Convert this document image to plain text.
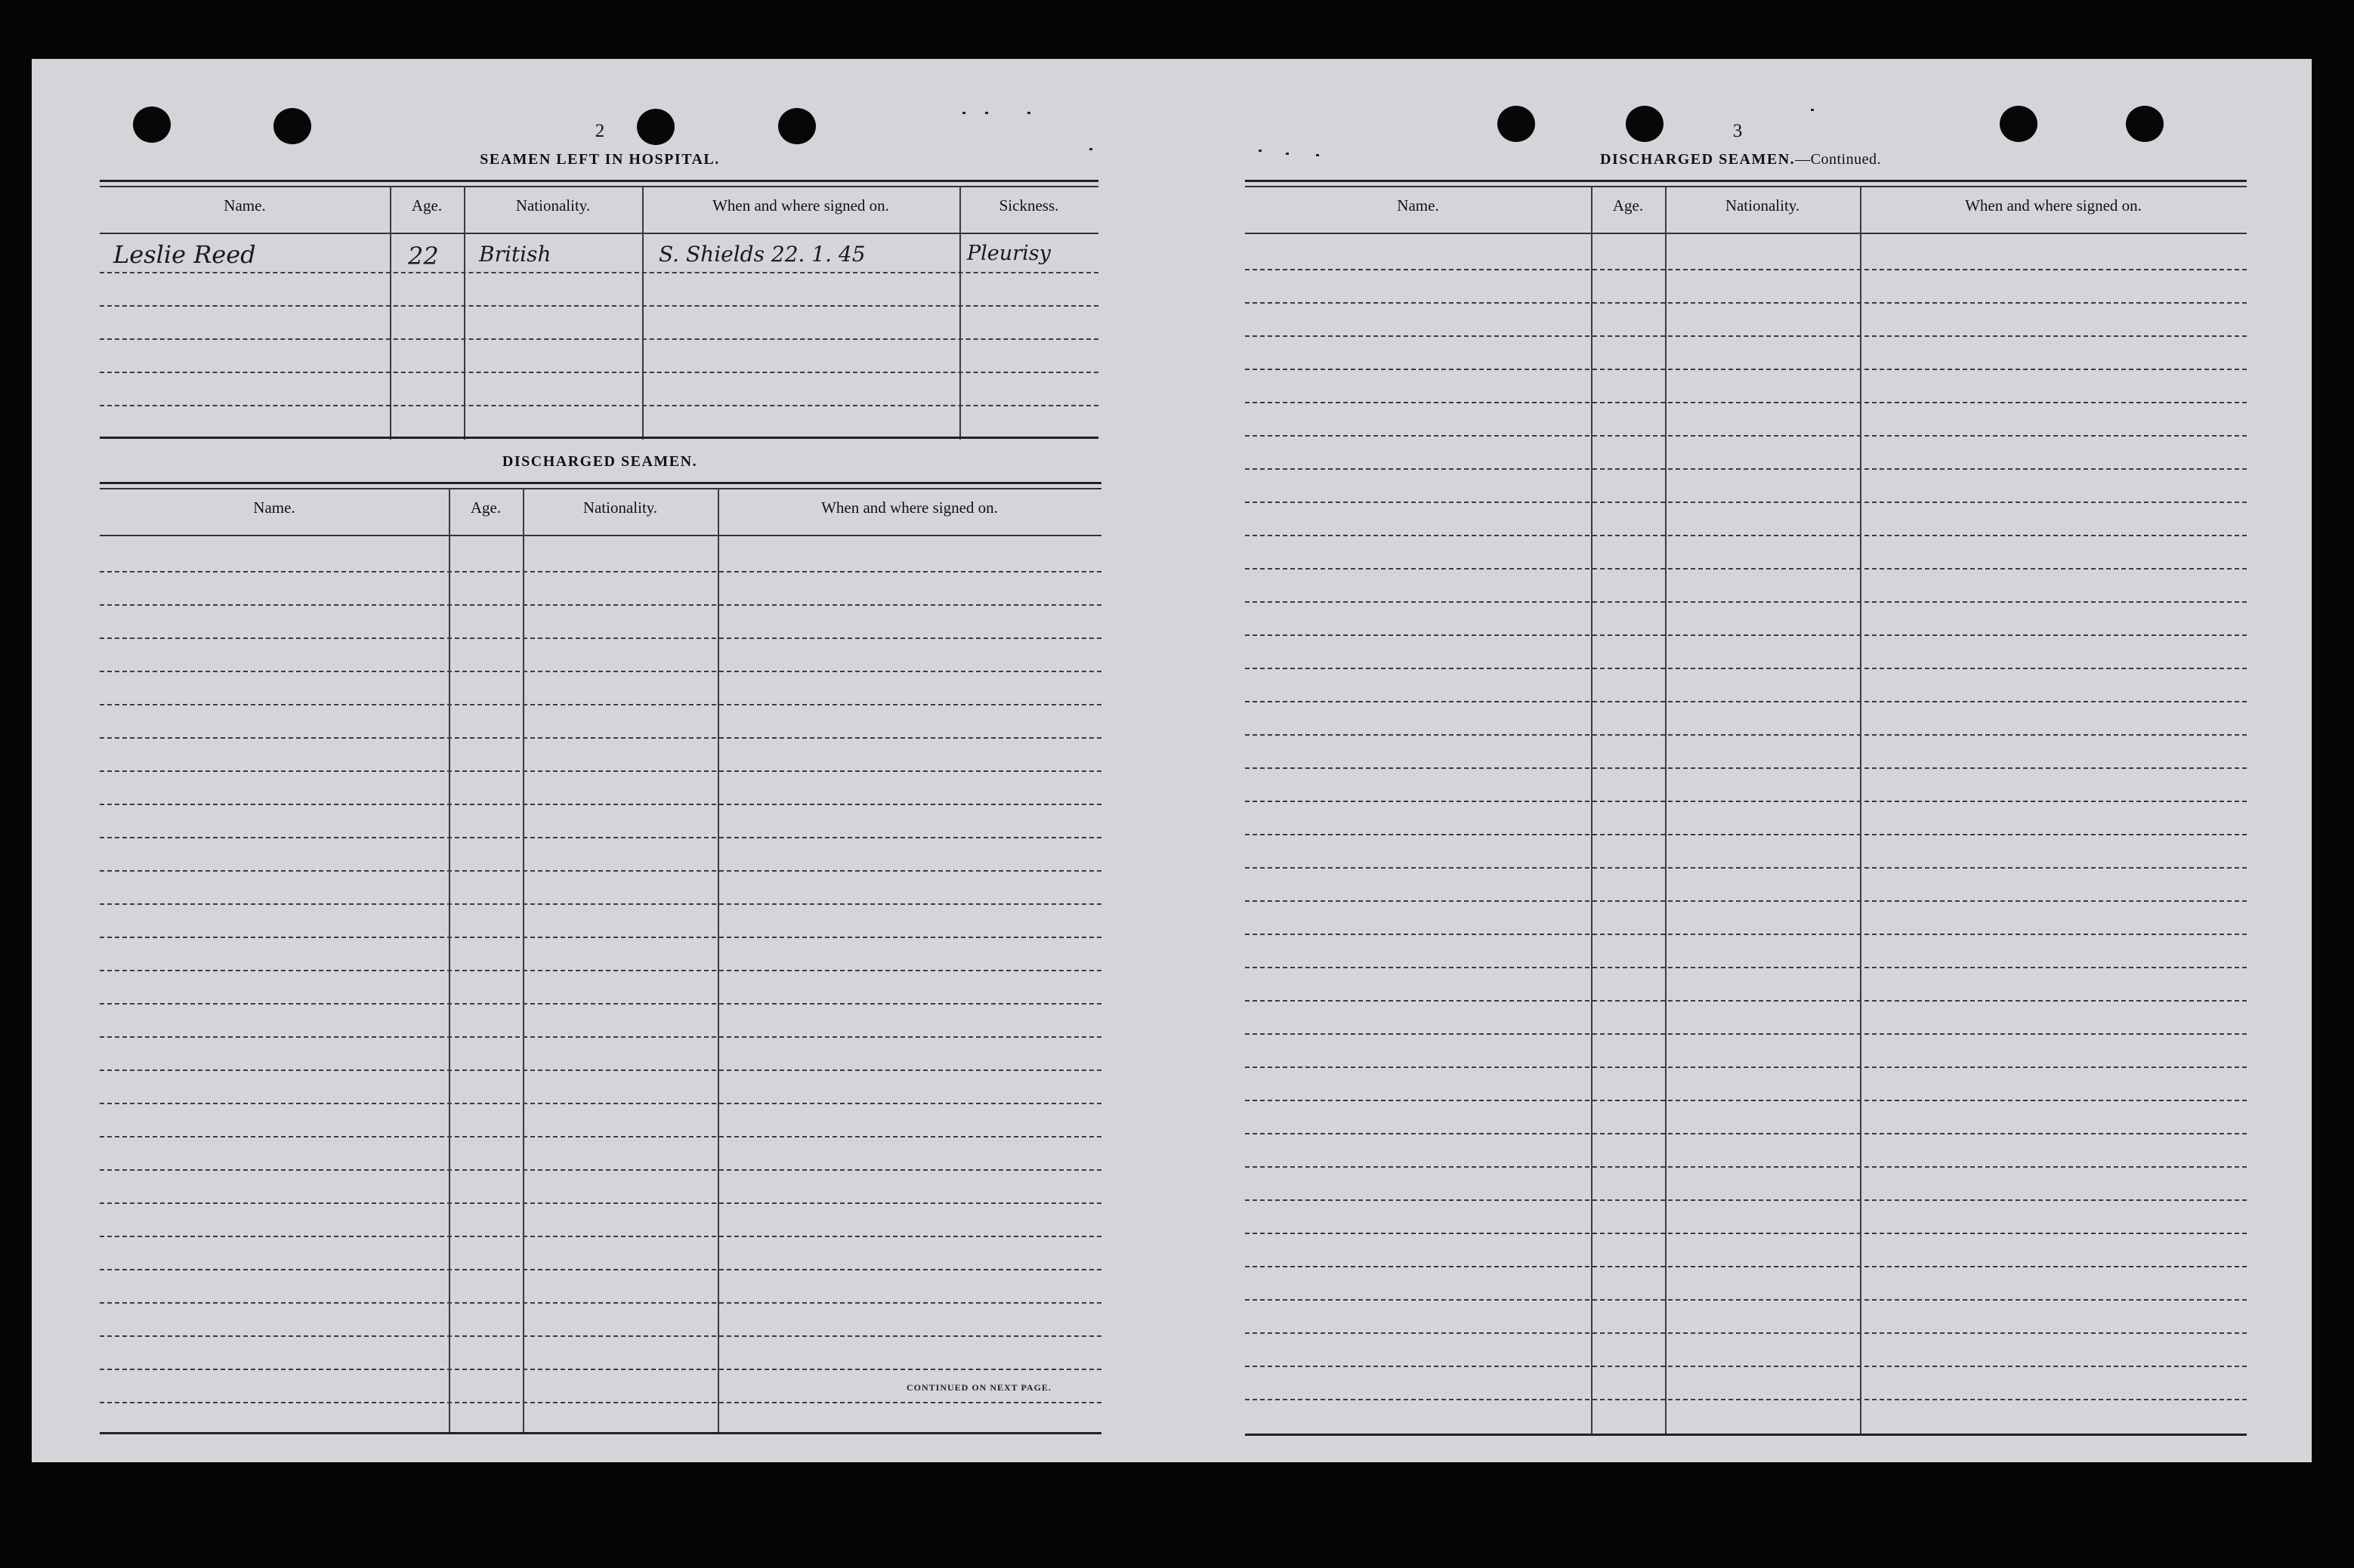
2
SEAMEN LEFT IN HOSPITAL.
Name.	Age.	Nationality.	When and where signed on.	Sickness.
Leslie Reed	22 British	S. Shields 22. 1. 45	Pleurisy
DISCHARGED SEAMEN.
Name.	Age.	Nationality.	When and where signed on.
CONTINUED ON NEXT PAGE.
3
DISCHARGED SEAMEN.—Continued.
Name.	Age.	Nationality.	When and where signed on.
